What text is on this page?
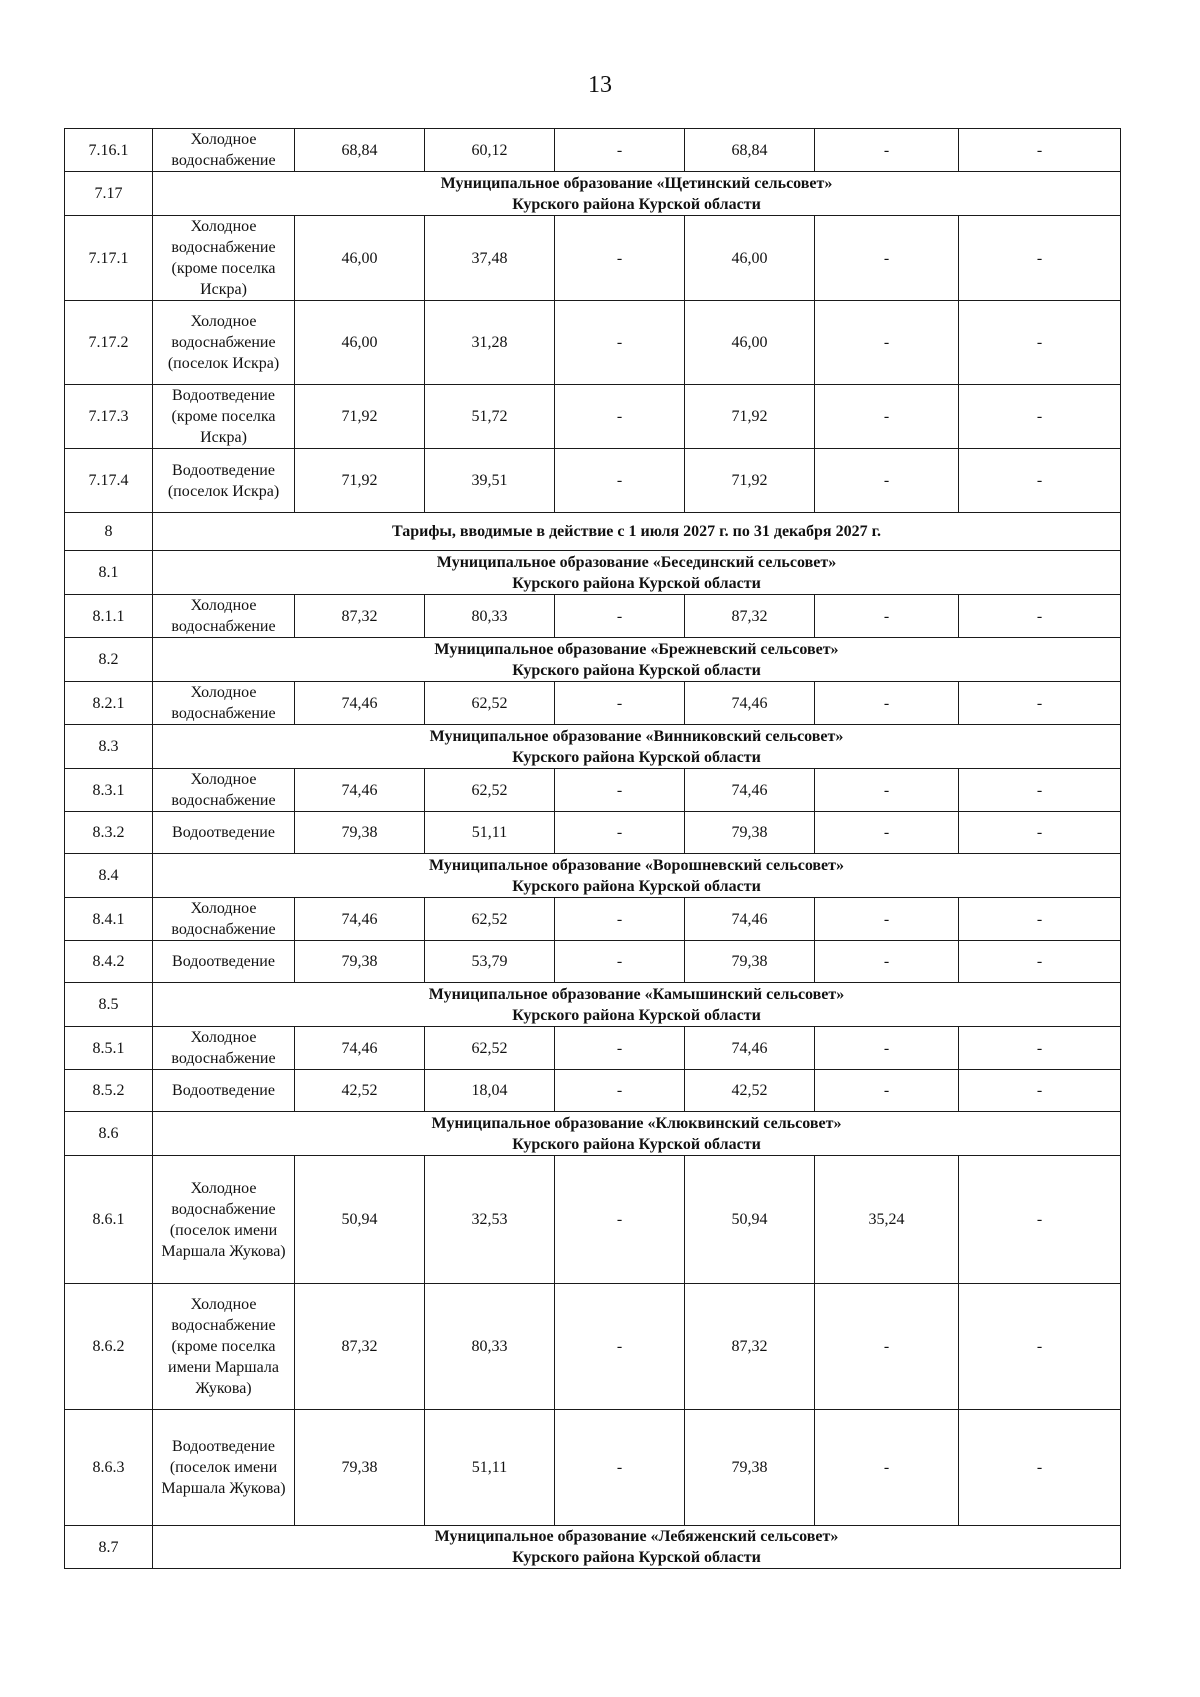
13
7.16.1	Холодное водоснабжение	68,84	60,12	-	68,84	-	-
7.17	Муниципальное образование «Щетинский сельсовет»
Курского района Курской области						

7.17.1	Холодное водоснабжение (кроме поселка Искра)	46,00	37,48	-	46,00	-	-
7.17.2	Холодное водоснабжение (поселок Искра)	46,00	31,28	-	46,00	-	-
7.17.3	Водоотведение (кроме поселка Искра)	71,92	51,72	-	71,92	-	-
7.17.4	Водоотведение (поселок Искра)	71,92	39,51	-	71,92	-	-
8	Тарифы, вводимые в действие с 1 июля 2027 г. по 31 декабря 2027 г.						

8.1	Муниципальное образование «Бесединский сельсовет»
Курского района Курской области						

8.1.1	Холодное водоснабжение	87,32	80,33	-	87,32	-	-
8.2	Муниципальное образование «Брежневский сельсовет»
Курского района Курской области						

8.2.1	Холодное водоснабжение	74,46	62,52	-	74,46	-	-
8.3	Муниципальное образование «Винниковский сельсовет»
Курского района Курской области						

8.3.1	Холодное водоснабжение	74,46	62,52	-	74,46	-	-
8.3.2	Водоотведение	79,38	51,11	-	79,38	-	-
8.4	Муниципальное образование «Ворошневский сельсовет»
Курского района Курской области						

8.4.1	Холодное водоснабжение	74,46	62,52	-	74,46	-	-
8.4.2	Водоотведение	79,38	53,79	-	79,38	-	-
8.5	Муниципальное образование «Камышинский сельсовет»
Курского района Курской области						

8.5.1	Холодное водоснабжение	74,46	62,52	-	74,46	-	-
8.5.2	Водоотведение	42,52	18,04	-	42,52	-	-
8.6	Муниципальное образование «Клюквинский сельсовет»
Курского района Курской области						

8.6.1	Холодное водоснабжение (поселок имени Маршала Жукова)	50,94	32,53	-	50,94	35,24	-
8.6.2	Холодное водоснабжение (кроме поселка имени Маршала Жукова)	87,32	80,33	-	87,32	-	-
8.6.3	Водоотведение (поселок имени Маршала Жукова)	79,38	51,11	-	79,38	-	-
8.7	Муниципальное образование «Лебяженский сельсовет»
Курского района Курской области						
